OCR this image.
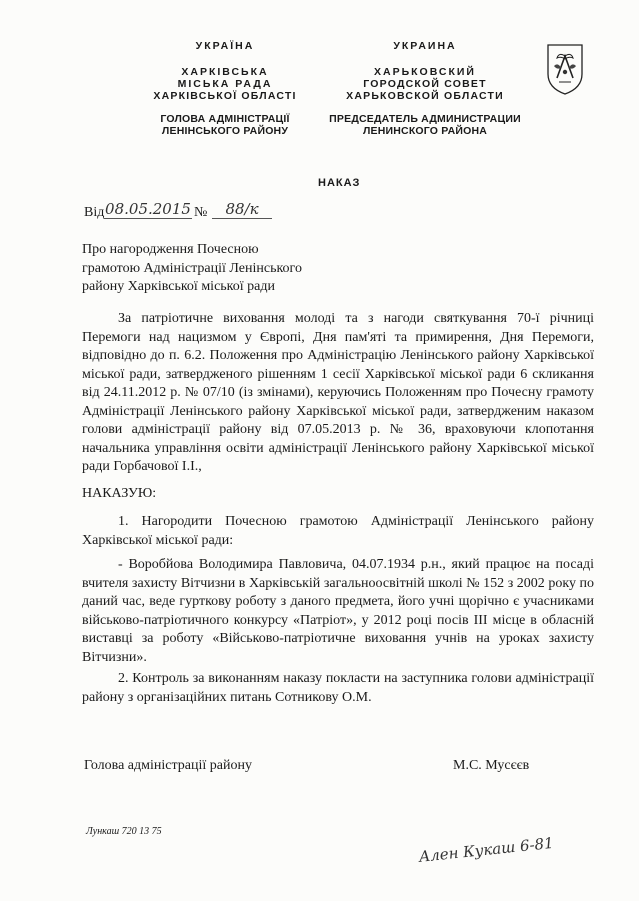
УКРАЇНА
ХАРКІВСЬКА
МІСЬКА РАДА
ХАРКІВСЬКОЇ ОБЛАСТІ
ГОЛОВА АДМІНІСТРАЦІЇ
ЛЕНІНСЬКОГО РАЙОНУ
УКРАИНА
ХАРЬКОВСКИЙ
ГОРОДСКОЙ СОВЕТ
ХАРЬКОВСКОЙ ОБЛАСТИ
ПРЕДСЕДАТЕЛЬ АДМИНИСТРАЦИИ
ЛЕНИНСКОГО РАЙОНА
НАКАЗ
Від 08.05.2015 №	88/к
Про нагородження Почесною
грамотою Адміністрації Ленінського
району Харківської міської ради
За патріотичне виховання молоді та з нагоди святкування 70-ї річниці Перемоги над нацизмом у Європі, Дня пам'яті та примирення, Дня Перемоги, відповідно до п. 6.2. Положення про Адміністрацію Ленінського району Харківської міської ради, затвердженого рішенням 1 сесії Харківської міської ради 6 скликання від 24.11.2012 р. № 07/10 (із змінами), керуючись Положенням про Почесну грамоту Адміністрації Ленінського району Харківської міської ради, затвердженим наказом голови адміністрації району від 07.05.2013 р. № 36, враховуючи клопотання начальника управління освіти адміністрації Ленінського району Харківської міської ради Горбачової І.І.,
НАКАЗУЮ:
1. Нагородити Почесною грамотою Адміністрації Ленінського району Харківської міської ради:
- Воробйова Володимира Павловича, 04.07.1934 р.н., який працює на посаді вчителя захисту Вітчизни в Харківській загальноосвітній школі № 152 з 2002 року по даний час, веде гурткову роботу з даного предмета, його учні щорічно є учасниками військово-патріотичного конкурсу «Патріот», у 2012 році посів III місце в обласній виставці за роботу «Військово-патріотичне виховання учнів на уроках захисту Вітчизни».
2. Контроль за виконанням наказу покласти на заступника голови адміністрації району з організаційних питань Сотникову О.М.
Голова адміністрації району	М.С. Мусєєв
Лункаш 720 13 75
Ален Кукаш 6-81
